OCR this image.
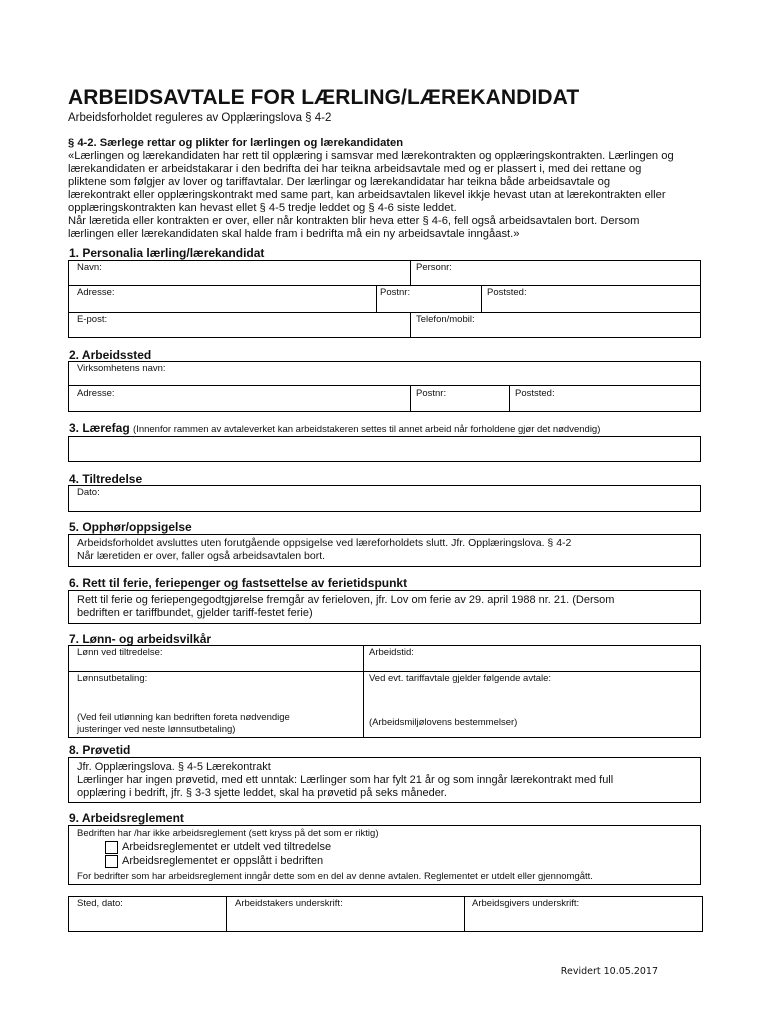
ARBEIDSAVTALE FOR LÆRLING/LÆREKANDIDAT
Arbeidsforholdet reguleres av Opplæringslova § 4-2
§ 4-2. Særlege rettar og plikter for lærlingen og lærekandidaten
«Lærlingen og lærekandidaten har rett til opplæring i samsvar med lærekontrakten og opplæringskontrakten. Lærlingen og
lærekandidaten er arbeidstakarar i den bedrifta dei har teikna arbeidsavtale med og er plassert i, med dei rettane og
pliktene som følgjer av lover og tariffavtalar. Der lærlingar og lærekandidatar har teikna både arbeidsavtale og
lærekontrakt eller opplæringskontrakt med same part, kan arbeidsavtalen likevel ikkje hevast utan at lærekontrakten eller
opplæringskontrakten kan hevast ellet § 4-5 tredje leddet og § 4-6 siste leddet.
Når læretida eller kontrakten er over, eller når kontrakten blir heva etter § 4-6, fell også arbeidsavtalen bort. Dersom
lærlingen eller lærekandidaten skal halde fram i bedrifta må ein ny arbeidsavtale inngåast.»
1. Personalia lærling/lærekandidat
Navn:	Personr:
Adresse:	Postnr:	Poststed:
E-post:	Telefon/mobil:
2. Arbeidssted
Virksomhetens navn:
Adresse:	Postnr:	Poststed:
3. Lærefag (Innenfor rammen av avtaleverket kan arbeidstakeren settes til annet arbeid når forholdene gjør det nødvendig)
4. Tiltredelse
Dato:
5. Opphør/oppsigelse
Arbeidsforholdet avsluttes uten forutgående oppsigelse ved læreforholdets slutt. Jfr. Opplæringslova. § 4-2
Når læretiden er over, faller også arbeidsavtalen bort.
6. Rett til ferie, feriepenger og fastsettelse av ferietidspunkt
Rett til ferie og feriepengegodtgjørelse fremgår av ferieloven, jfr. Lov om ferie av 29. april 1988 nr. 21. (Dersom
bedriften er tariffbundet, gjelder tariff-festet ferie)
7. Lønn- og arbeidsvilkår
Lønn ved tiltredelse:	Arbeidstid:
Lønnsutbetaling:	Ved evt. tariffavtale gjelder følgende avtale:
(Ved feil utlønning kan bedriften foreta nødvendige
justeringer ved neste lønnsutbetaling)
(Arbeidsmiljølovens bestemmelser)
8. Prøvetid
Jfr. Opplæringslova. § 4-5 Lærekontrakt
Lærlinger har ingen prøvetid, med ett unntak: Lærlinger som har fylt 21 år og som inngår lærekontrakt med full
opplæring i bedrift, jfr. § 3-3 sjette leddet, skal ha prøvetid på seks måneder.
9. Arbeidsreglement
Bedriften har /har ikke arbeidsreglement (sett kryss på det som er riktig)
Arbeidsreglementet er utdelt ved tiltredelse
Arbeidsreglementet er oppslått i bedriften
For bedrifter som har arbeidsreglement inngår dette som en del av denne avtalen. Reglementet er utdelt eller gjennomgått.
Sted, dato:	Arbeidstakers underskrift:	Arbeidsgivers underskrift:
Revidert 10.05.2017
